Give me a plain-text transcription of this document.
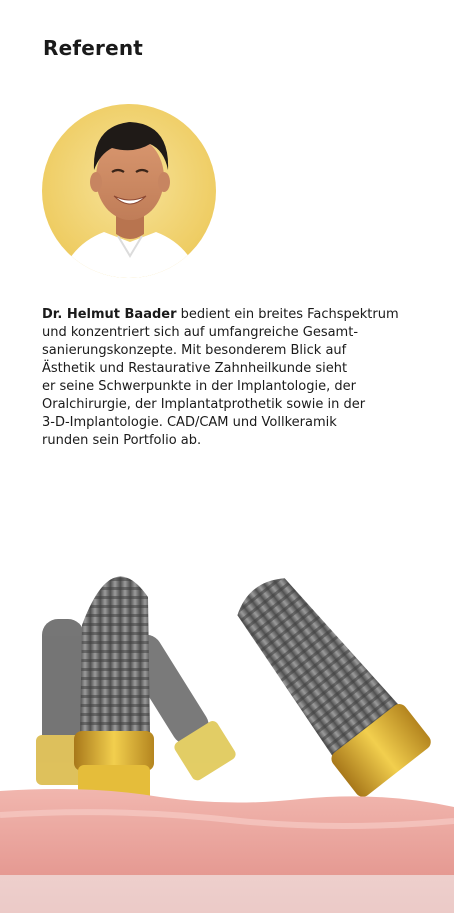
Referent

Dr. Helmut Baader bedient ein breites Fachspektrum
und konzentriert sich auf umfangreiche Gesamt-
sanierungskonzepte. Mit besonderem Blick auf
Ästhetik und Restaurative Zahnheilkunde sieht
er seine Schwerpunkte in der Implantologie, der
Oralchirurgie, der Implantatprothetik sowie in der
3-D-Implantologie. CAD/CAM und Vollkeramik
runden sein Portfolio ab.
